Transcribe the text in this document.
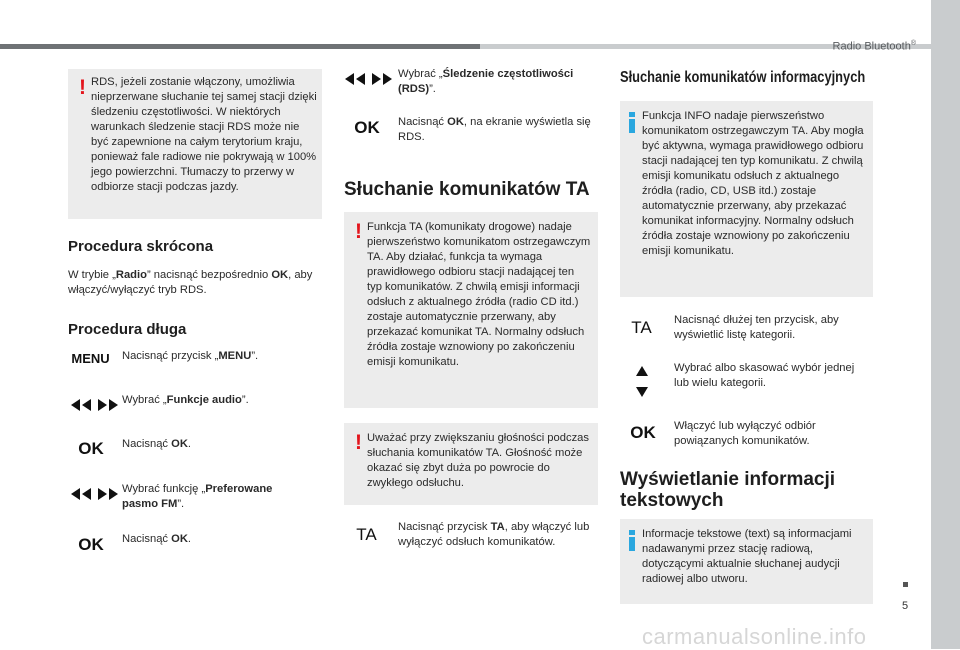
Radio Bluetooth®
5
! RDS, jeżeli zostanie włączony, umożliwia nieprzerwane słuchanie tej samej stacji dzięki śledzeniu częstotliwości. W niektórych warunkach śledzenie stacji RDS może nie być zapewnione na całym terytorium kraju, ponieważ fale radiowe nie pokrywają w 100% jego powierzchni. Tłumaczy to przerwy w odbiorze stacji podczas jazdy.

Procedura skrócona

W trybie „Radio” nacisnąć bezpośrednio OK, aby włączyć/wyłączyć tryb RDS.

Procedura długa
MENU Nacisnąć przycisk „MENU”.

Wybrać „Funkcje audio”.

OK	Nacisnąć OK.

Wybrać funkcję „Preferowane pasmo FM”.

OK	Nacisnąć OK.

Wybrać „Śledzenie częstotliwości (RDS)”.

OK	Nacisnąć OK, na ekranie wyświetla się RDS.

Słuchanie komunikatów TA
! Funkcja TA (komunikaty drogowe) nadaje pierwszeństwo komunikatom ostrzegawczym TA. Aby działać, funkcja ta wymaga prawidłowego odbioru stacji nadającej ten typ komunikatów. Z chwilą emisji informacji odsłuch z aktualnego źródła (radio CD itd.) zostaje automatycznie przerwany, aby przekazać komunikat TA. Normalny odsłuch źródła zostaje wznowiony po zakończeniu emisji komunikatu.

! Uważać przy zwiększaniu głośności podczas słuchania komunikatów TA. Głośność może okazać się zbyt duża po powrocie do zwykłego odsłuchu.

TA	Nacisnąć przycisk TA, aby włączyć lub wyłączyć odsłuch komunikatów.

Słuchanie komunikatów informacyjnych

Funkcja INFO nadaje pierwszeństwo komunikatom ostrzegawczym TA. Aby mogła być aktywna, wymaga prawidłowego odbioru stacji nadającej ten typ komunikatu. Z chwilą emisji komunikatu odsłuch z aktualnego źródła (radio, CD, USB itd.) zostaje automatycznie przerwany, aby przekazać komunikat informacyjny. Normalny odsłuch źródła zostaje wznowiony po zakończeniu emisji komunikatu.

TA	Nacisnąć dłużej ten przycisk, aby wyświetlić listę kategorii.

Wybrać albo skasować wybór jednej lub wielu kategorii.

OK	Włączyć lub wyłączyć odbiór powiązanych komunikatów.

Wyświetlanie informacji tekstowych

Informacje tekstowe (text) są informacjami nadawanymi przez stację radiową, dotyczącymi aktualnie słuchanej audycji radiowej albo utworu.

carmanualsonline.info
